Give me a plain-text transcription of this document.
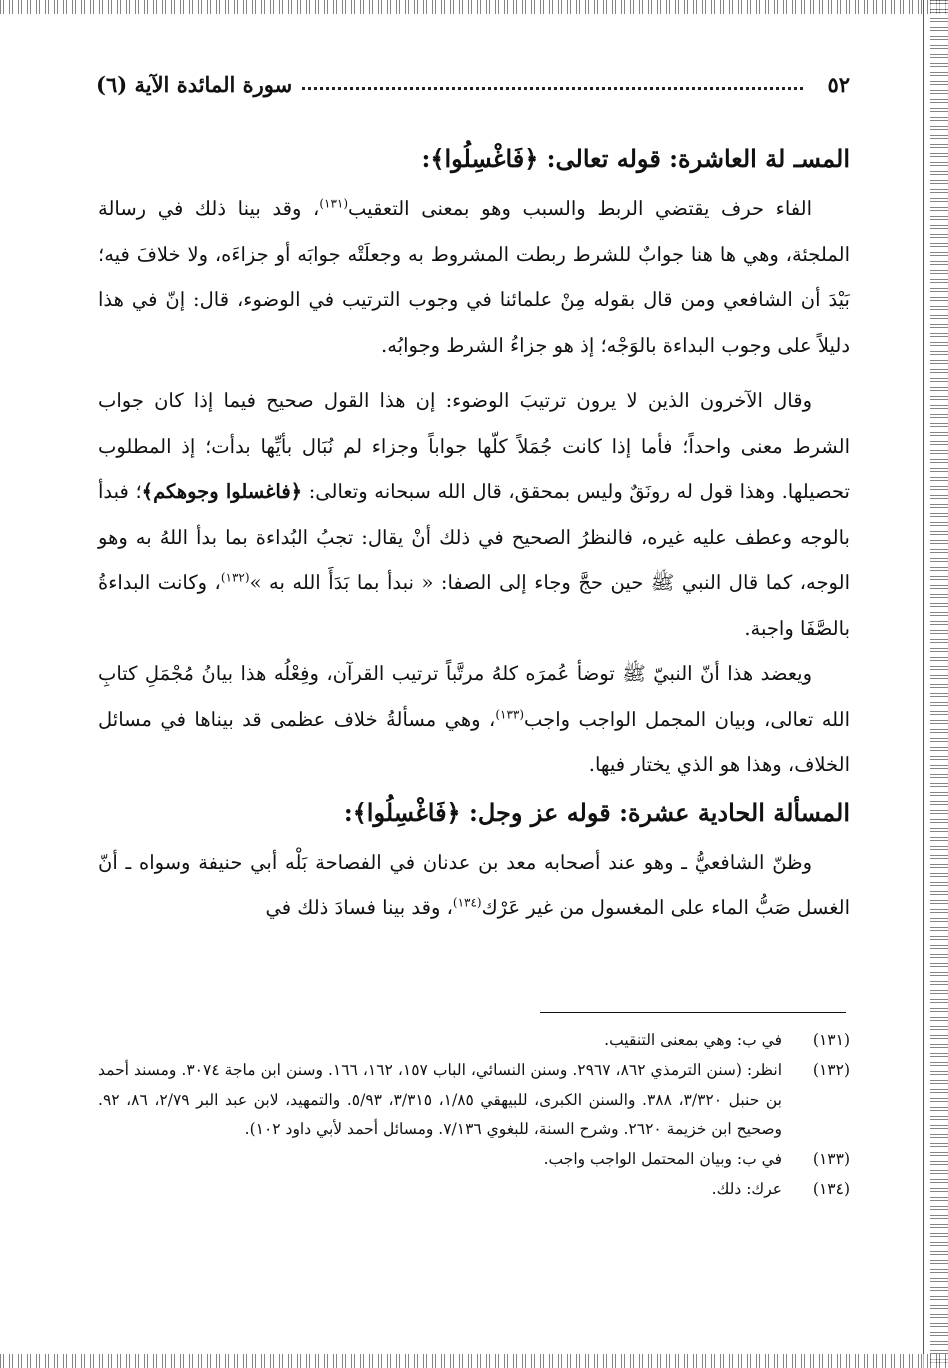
٥٢
سورة المائدة الآية (٦)

المسـ لة العاشرة: قوله تعالى: ﴿فَاغْسِلُوا﴾:

الفاء حرف يقتضي الربط والسبب وهو بمعنى التعقيب$^{(١٣١)}$، وقد بينا ذلك في رسالة الملجئة، وهي ها هنا جوابٌ للشرط ربطت المشروط به وجعلَتْه جوابَه أو جزاءَه، ولا خلافَ فيه؛ بَيْدَ أن الشافعي ومن قال بقوله مِنْ علمائنا في وجوب الترتيب في الوضوء، قال: إنّ في هذا دليلاً على وجوب البداءة بالوَجْه؛ إذ هو جزاءُ الشرط وجوابُه.

وقال الآخرون الذين لا يرون ترتيبَ الوضوء: إن هذا القول صحيح فيما إذا كان جواب الشرط معنى واحداً؛ فأما إذا كانت جُمَلاً كلّها جواباً وجزاء لم نُبَال بأيِّها بدأت؛ إذ المطلوب تحصيلها. وهذا قول له رونَقٌ وليس بمحقق، قال الله سبحانه وتعالى: ﴿فاغسلوا وجوهكم﴾؛ فبدأ بالوجه وعطف عليه غيره، فالنظرُ الصحيح في ذلك أنْ يقال: تجبُ البُداءة بما بدأ اللهُ به وهو الوجه، كما قال النبي ﷺ حين حجَّ وجاء إلى الصفا: « نبدأ بما بَدَأَ الله به »$^{(١٣٢)}$، وكانت البداءةُ بالصَّفَا واجبة.

ويعضد هذا أنّ النبيّ ﷺ توضأ عُمرَه كلهُ مرتَّباً ترتيب القرآن، وفِعْلُه هذا بيانُ مُجْمَلِ كتابِ الله تعالى، وبيان المجمل الواجب واجب$^{(١٣٣)}$، وهي مسألةُ خلاف عظمى قد بيناها في مسائل الخلاف، وهذا هو الذي يختار فيها.

المسألة الحادية عشرة: قوله عز وجل: ﴿فَاغْسِلُوا﴾:

وظنّ الشافعيُّ ـ وهو عند أصحابه معد بن عدنان في الفصاحة بَلْه أبي حنيفة وسواه ـ أنّ الغسل صَبُّ الماء على المغسول من غير عَرْك$^{(١٣٤)}$، وقد بينا فسادَ ذلك في

(١٣١)
في ب: وهي بمعنى التنقيب.
(١٣٢)
انظر: (سنن الترمذي ٨٦٢، ٢٩٦٧. وسنن النسائي، الباب ١٥٧، ١٦٢، ١٦٦. وسنن ابن ماجة ٣٠٧٤. ومسند أحمد بن حنبل ٣/٣٢٠، ٣٨٨. والسنن الكبرى، للبيهقي ١/٨٥، ٣/٣١٥، ٥/٩٣. والتمهيد، لابن عبد البر ٢/٧٩، ٨٦، ٩٢. وصحيح ابن خزيمة ٢٦٢٠. وشرح السنة، للبغوي ٧/١٣٦. ومسائل أحمد لأبي داود ١٠٢).
(١٣٣)
في ب: وبيان المحتمل الواجب واجب.
(١٣٤)
عرك: دلك.
